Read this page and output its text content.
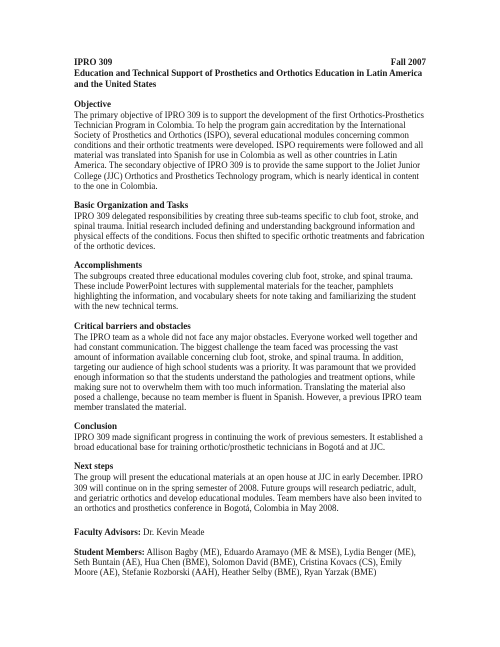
IPRO 309	Fall 2007
Education and Technical Support of Prosthetics and Orthotics Education in Latin America and the United States

Objective

The primary objective of IPRO 309 is to support the development of the first Orthotics-Prosthetics Technician Program in Colombia. To help the program gain accreditation by the International Society of Prosthetics and Orthotics (ISPO), several educational modules concerning common conditions and their orthotic treatments were developed. ISPO requirements were followed and all material was translated into Spanish for use in Colombia as well as other countries in Latin America. The secondary objective of IPRO 309 is to provide the same support to the Joliet Junior College (JJC) Orthotics and Prosthetics Technology program, which is nearly identical in content to the one in Colombia.

Basic Organization and Tasks

IPRO 309 delegated responsibilities by creating three sub-teams specific to club foot, stroke, and spinal trauma. Initial research included defining and understanding background information and physical effects of the conditions. Focus then shifted to specific orthotic treatments and fabrication of the orthotic devices.

Accomplishments

The subgroups created three educational modules covering club foot, stroke, and spinal trauma. These include PowerPoint lectures with supplemental materials for the teacher, pamphlets highlighting the information, and vocabulary sheets for note taking and familiarizing the student with the new technical terms.

Critical barriers and obstacles

The IPRO team as a whole did not face any major obstacles. Everyone worked well together and had constant communication. The biggest challenge the team faced was processing the vast amount of information available concerning club foot, stroke, and spinal trauma. In addition, targeting our audience of high school students was a priority. It was paramount that we provided enough information so that the students understand the pathologies and treatment options, while making sure not to overwhelm them with too much information. Translating the material also posed a challenge, because no team member is fluent in Spanish. However, a previous IPRO team member translated the material.

Conclusion

IPRO 309 made significant progress in continuing the work of previous semesters. It established a broad educational base for training orthotic/prosthetic technicians in Bogotá and at JJC.

Next steps

The group will present the educational materials at an open house at JJC in early December. IPRO 309 will continue on in the spring semester of 2008. Future groups will research pediatric, adult, and geriatric orthotics and develop educational modules. Team members have also been invited to an orthotics and prosthetics conference in Bogotá, Colombia in May 2008.

Faculty Advisors: Dr. Kevin Meade
Student Members: Allison Bagby (ME), Eduardo Aramayo (ME & MSE), Lydia Benger (ME), Seth Buntain (AE), Hua Chen (BME), Solomon David (BME), Cristina Kovacs (CS), Emily Moore (AE), Stefanie Rozborski (AAH), Heather Selby (BME), Ryan Yarzak (BME)
